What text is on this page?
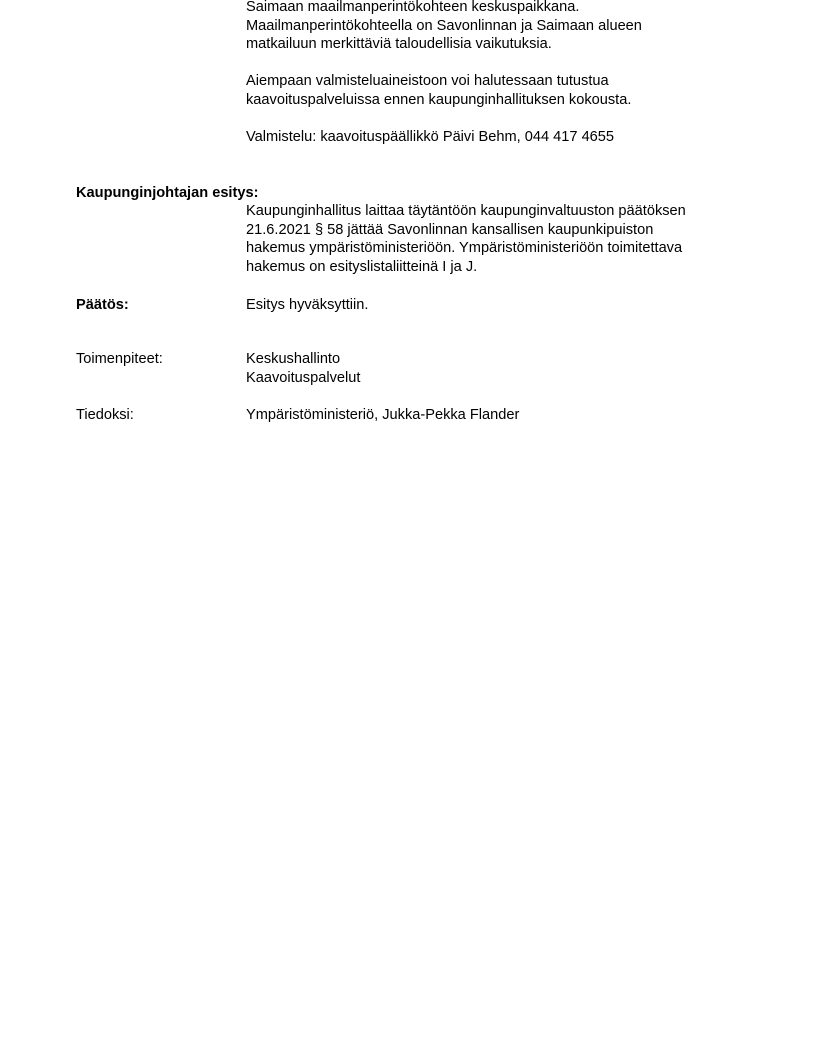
Saimaan maailmanperintökohteen keskuspaikkana.
Maailmanperintökohteella on Savonlinnan ja Saimaan alueen
matkailuun merkittäviä taloudellisia vaikutuksia.
Aiempaan valmisteluaineistoon voi halutessaan tutustua
kaavoituspalveluissa ennen kaupunginhallituksen kokousta.
Valmistelu: kaavoituspäällikkö Päivi Behm, 044 417 4655
Kaupunginjohtajan esitys:
Kaupunginhallitus laittaa täytäntöön kaupunginvaltuuston päätöksen
21.6.2021 § 58 jättää Savonlinnan kansallisen kaupunkipuiston
hakemus ympäristöministeriöön. Ympäristöministeriöön toimitettava
hakemus on esityslistaliitteinä I ja J.
Päätös:	Esitys hyväksyttiin.
Toimenpiteet:	Keskushallinto
Kaavoituspalvelut
Tiedoksi:	Ympäristöministeriö, Jukka-Pekka Flander
